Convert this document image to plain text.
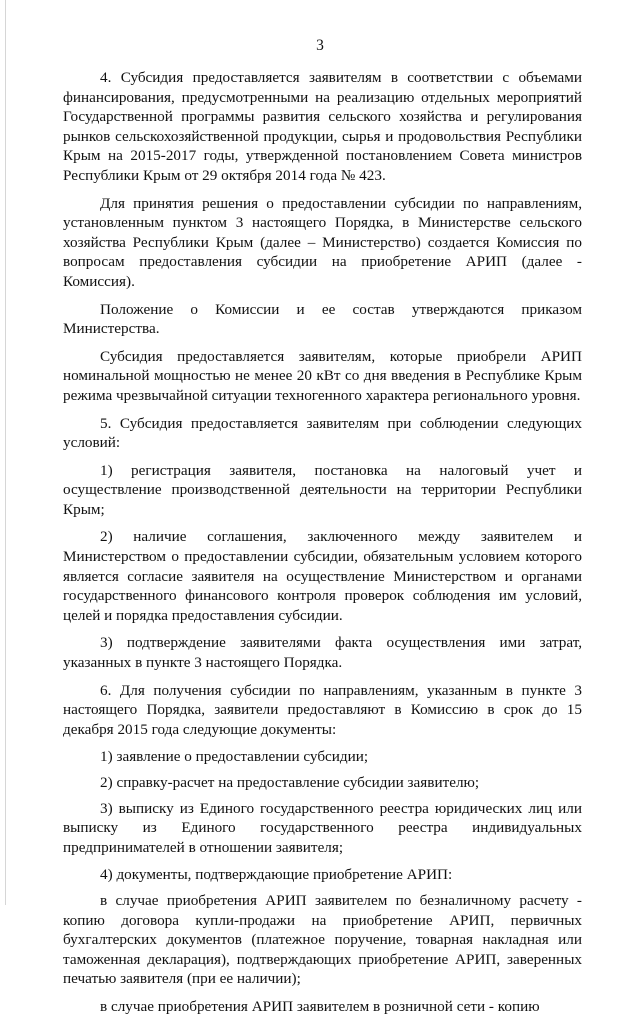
3

4. Субсидия предоставляется заявителям в соответствии с объемами финансирования, предусмотренными на реализацию отдельных мероприятий Государственной программы развития сельского хозяйства и регулирования рынков сельскохозяйственной продукции, сырья и продовольствия Республики Крым на 2015-2017 годы, утвержденной постановлением Совета министров Республики Крым от 29 октября 2014 года № 423.

Для принятия решения о предоставлении субсидии по направлениям, установленным пунктом 3 настоящего Порядка, в Министерстве сельского хозяйства Республики Крым (далее – Министерство) создается Комиссия по вопросам предоставления субсидии на приобретение АРИП (далее - Комиссия).

Положение о Комиссии и ее состав утверждаются приказом Министерства.

Субсидия предоставляется заявителям, которые приобрели АРИП номинальной мощностью не менее 20 кВт со дня введения в Республике Крым режима чрезвычайной ситуации техногенного характера регионального уровня.

5. Субсидия предоставляется заявителям при соблюдении следующих условий:

1) регистрация заявителя, постановка на налоговый учет и осуществление производственной деятельности на территории Республики Крым;

2) наличие соглашения, заключенного между заявителем и Министерством о предоставлении субсидии, обязательным условием которого является согласие заявителя на осуществление Министерством и органами государственного финансового контроля проверок соблюдения им условий, целей и порядка предоставления субсидии.

3) подтверждение заявителями факта осуществления ими затрат, указанных в пункте 3 настоящего Порядка.

6. Для получения субсидии по направлениям, указанным в пункте 3 настоящего Порядка, заявители предоставляют в Комиссию в срок до 15 декабря 2015 года следующие документы:

1) заявление о предоставлении субсидии;

2) справку-расчет на предоставление субсидии заявителю;

3) выписку из Единого государственного реестра юридических лиц или выписку из Единого государственного реестра индивидуальных предпринимателей в отношении заявителя;

4) документы, подтверждающие приобретение АРИП:

в случае приобретения АРИП заявителем по безналичному расчету - копию договора купли-продажи на приобретение АРИП, первичных бухгалтерских документов (платежное поручение, товарная накладная или таможенная декларация), подтверждающих приобретение АРИП, заверенных печатью заявителя (при ее наличии);

в случае приобретения АРИП заявителем в розничной сети - копию
